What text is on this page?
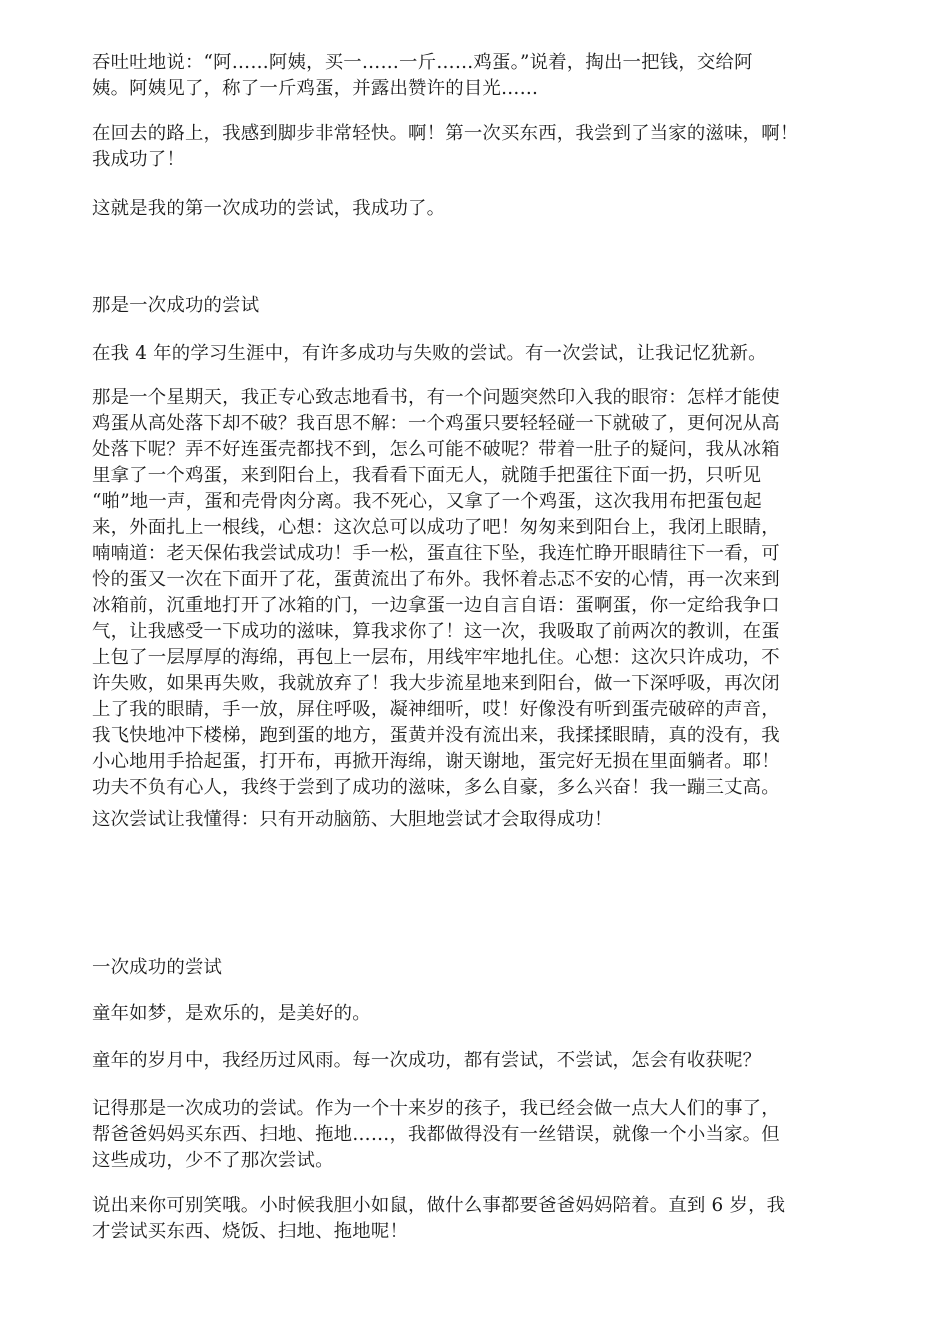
吞吐吐地说：“阿……阿姨，买一……一斤……鸡蛋。”说着，掏出一把钱，交给阿
姨。阿姨见了，称了一斤鸡蛋，并露出赞许的目光……

在回去的路上，我感到脚步非常轻快。啊！第一次买东西，我尝到了当家的滋味，啊！
我成功了！

这就是我的第一次成功的尝试，我成功了。

那是一次成功的尝试

在我 4 年的学习生涯中，有许多成功与失败的尝试。有一次尝试，让我记忆犹新。

那是一个星期天，我正专心致志地看书，有一个问题突然印入我的眼帘：怎样才能使
鸡蛋从高处落下却不破？我百思不解：一个鸡蛋只要轻轻碰一下就破了，更何况从高
处落下呢？弄不好连蛋壳都找不到，怎么可能不破呢？带着一肚子的疑问，我从冰箱
里拿了一个鸡蛋，来到阳台上，我看看下面无人，就随手把蛋往下面一扔，只听见
“啪”地一声，蛋和壳骨肉分离。我不死心，又拿了一个鸡蛋，这次我用布把蛋包起
来，外面扎上一根线，心想：这次总可以成功了吧！匆匆来到阳台上，我闭上眼睛，
喃喃道：老天保佑我尝试成功！手一松，蛋直往下坠，我连忙睁开眼睛往下一看，可
怜的蛋又一次在下面开了花，蛋黄流出了布外。我怀着忐忑不安的心情，再一次来到
冰箱前，沉重地打开了冰箱的门，一边拿蛋一边自言自语：蛋啊蛋，你一定给我争口
气，让我感受一下成功的滋味，算我求你了！这一次，我吸取了前两次的教训，在蛋
上包了一层厚厚的海绵，再包上一层布，用线牢牢地扎住。心想：这次只许成功，不
许失败，如果再失败，我就放弃了！我大步流星地来到阳台，做一下深呼吸，再次闭
上了我的眼睛，手一放，屏住呼吸，凝神细听，哎！好像没有听到蛋壳破碎的声音，
我飞快地冲下楼梯，跑到蛋的地方，蛋黄并没有流出来，我揉揉眼睛，真的没有，我
小心地用手拾起蛋，打开布，再掀开海绵，谢天谢地，蛋完好无损在里面躺者。耶！
功夫不负有心人，我终于尝到了成功的滋味，多么自豪，多么兴奋！我一蹦三丈高。

这次尝试让我懂得：只有开动脑筋、大胆地尝试才会取得成功！

一次成功的尝试

童年如梦，是欢乐的，是美好的。

童年的岁月中，我经历过风雨。每一次成功，都有尝试，不尝试，怎会有收获呢？

记得那是一次成功的尝试。作为一个十来岁的孩子，我已经会做一点大人们的事了，
帮爸爸妈妈买东西、扫地、拖地……，我都做得没有一丝错误，就像一个小当家。但
这些成功，少不了那次尝试。

说出来你可别笑哦。小时候我胆小如鼠，做什么事都要爸爸妈妈陪着。直到 6 岁，我
才尝试买东西、烧饭、扫地、拖地呢！
